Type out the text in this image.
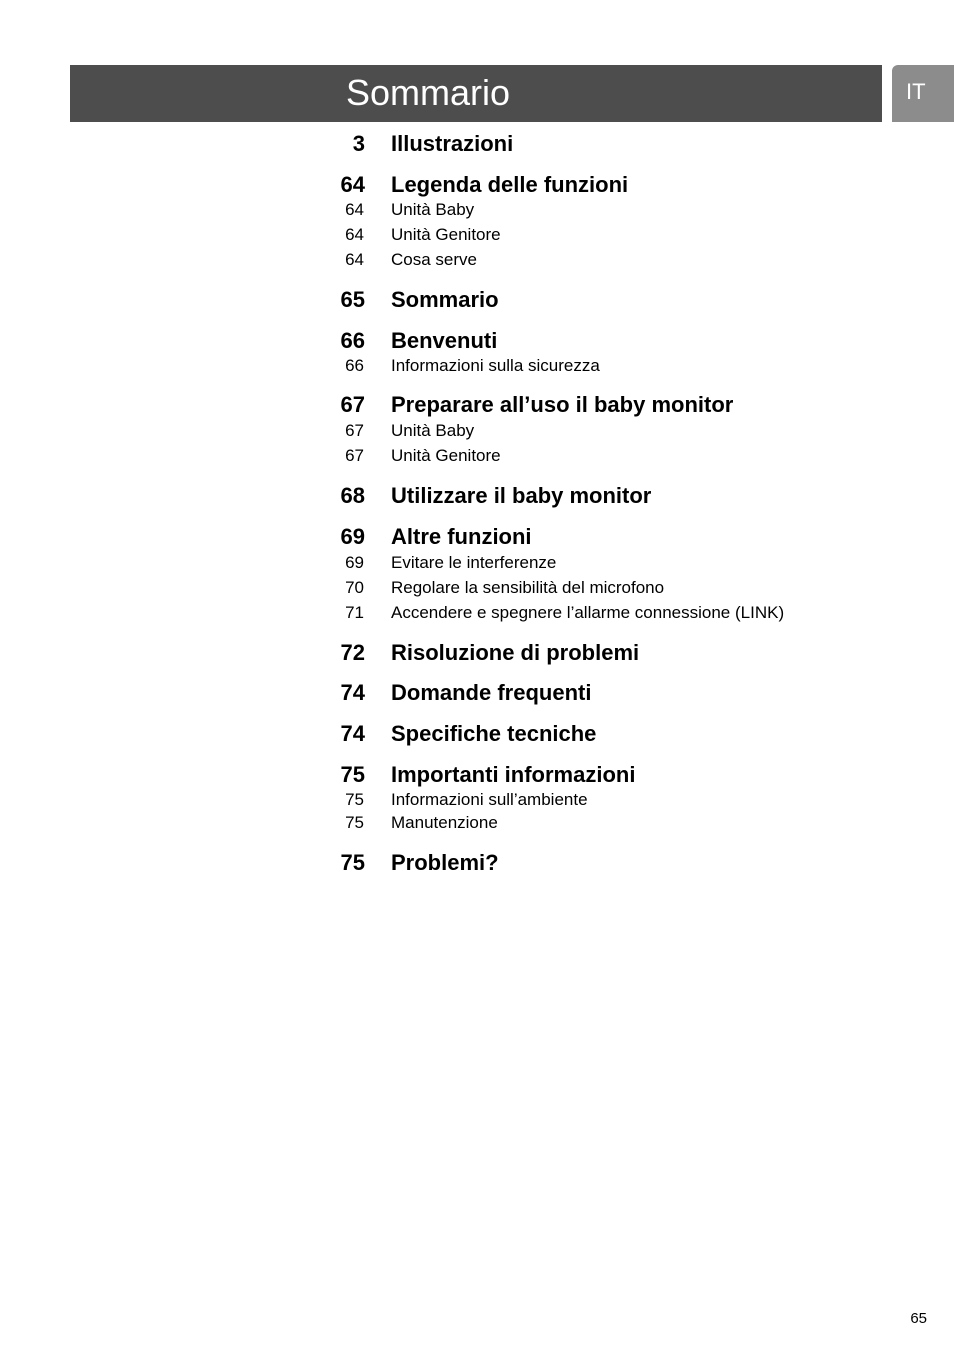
Sommario	IT
3 Illustrazioni
64 Legenda delle funzioni
64 Unità Baby
64 Unità Genitore
64 Cosa serve
65 Sommario
66 Benvenuti
66 Informazioni sulla sicurezza
67 Preparare all’uso il baby monitor
67 Unità Baby
67 Unità Genitore
68 Utilizzare il baby monitor
69 Altre funzioni
69 Evitare le interferenze
70 Regolare la sensibilità del microfono
71 Accendere e spegnere l’allarme connessione (LINK)
72 Risoluzione di problemi
74 Domande frequenti
74 Specifiche tecniche
75 Importanti informazioni
75 Informazioni sull’ambiente
75 Manutenzione
75 Problemi?
65
